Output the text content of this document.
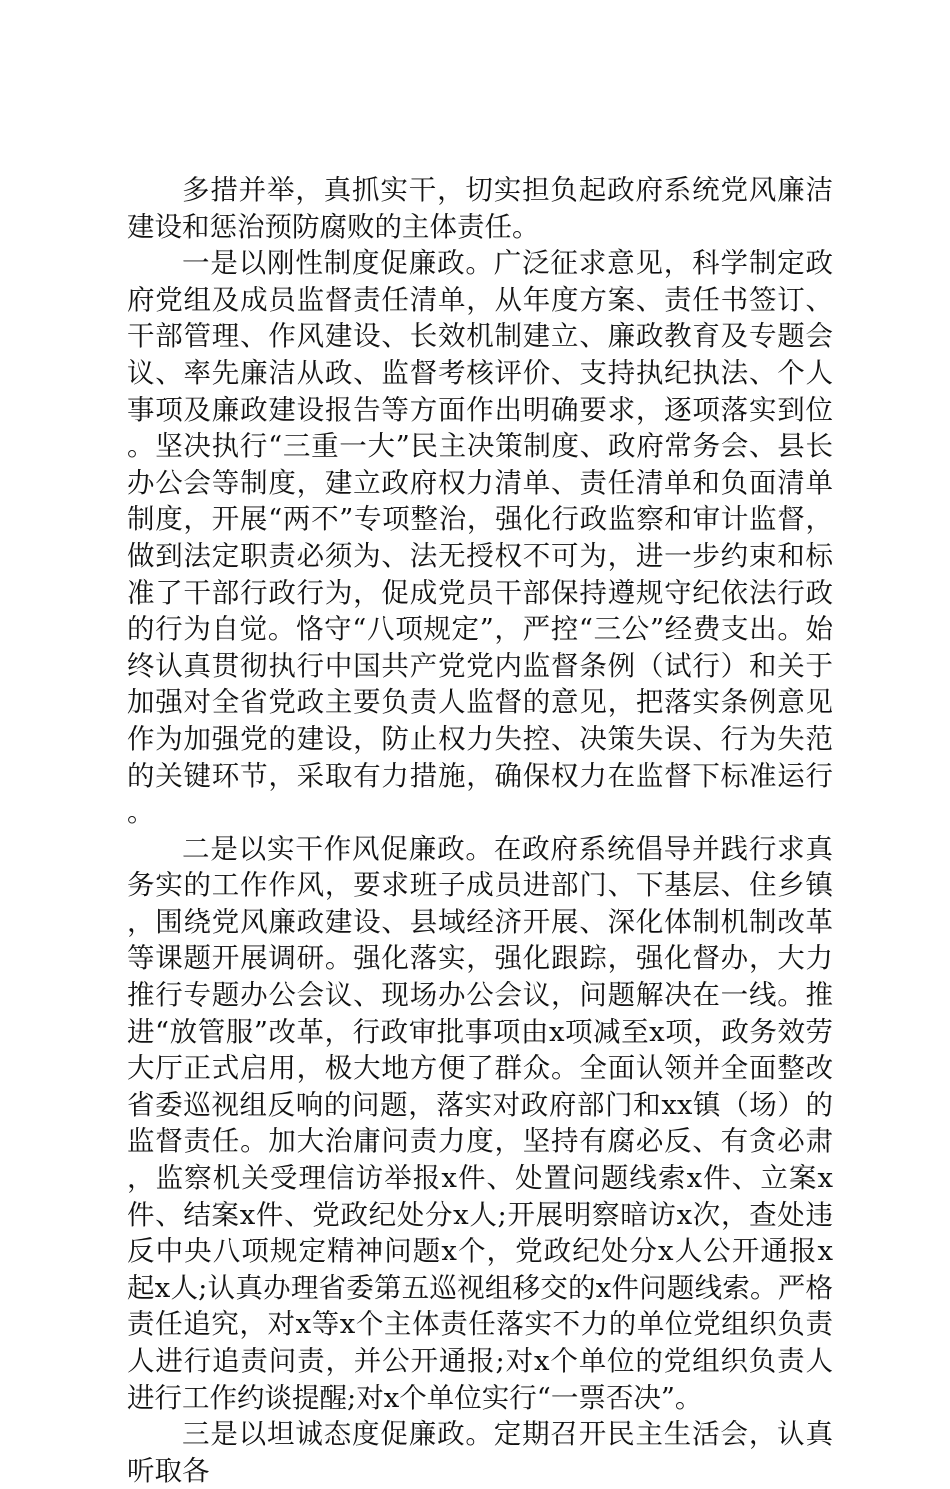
多措并举，真抓实干，切实担负起政府系统党风廉洁建设和惩治预防腐败的主体责任。

一是以刚性制度促廉政。广泛征求意见，科学制定政府党组及成员监督责任清单，从年度方案、责任书签订、干部管理、作风建设、长效机制建立、廉政教育及专题会议、率先廉洁从政、监督考核评价、支持执纪执法、个人事项及廉政建设报告等方面作出明确要求，逐项落实到位。坚决执行“三重一大”民主决策制度、政府常务会、县长办公会等制度，建立政府权力清单、责任清单和负面清单制度，开展“两不”专项整治，强化行政监察和审计监督，做到法定职责必须为、法无授权不可为，进一步约束和标准了干部行政行为，促成党员干部保持遵规守纪依法行政的行为自觉。恪守“八项规定”，严控“三公”经费支出。始终认真贯彻执行中国共产党党内监督条例（试行）和关于加强对全省党政主要负责人监督的意见，把落实条例意见作为加强党的建设，防止权力失控、决策失误、行为失范的关键环节，采取有力措施，确保权力在监督下标准运行。

二是以实干作风促廉政。在政府系统倡导并践行求真务实的工作作风，要求班子成员进部门、下基层、住乡镇，围绕党风廉政建设、县域经济开展、深化体制机制改革等课题开展调研。强化落实，强化跟踪，强化督办，大力推行专题办公会议、现场办公会议，问题解决在一线。推进“放管服”改革，行政审批事项由x项减至x项，政务效劳大厅正式启用，极大地方便了群众。全面认领并全面整改省委巡视组反响的问题，落实对政府部门和xx镇（场）的监督责任。加大治庸问责力度，坚持有腐必反、有贪必肃，监察机关受理信访举报x件、处置问题线索x件、立案x件、结案x件、党政纪处分x人;开展明察暗访x次，查处违反中央八项规定精神问题x个，党政纪处分x人公开通报x起x人;认真办理省委第五巡视组移交的x件问题线索。严格责任追究，对x等x个主体责任落实不力的单位党组织负责人进行追责问责，并公开通报;对x个单位的党组织负责人进行工作约谈提醒;对x个单位实行“一票否决”。

三是以坦诚态度促廉政。定期召开民主生活会，认真听取各
